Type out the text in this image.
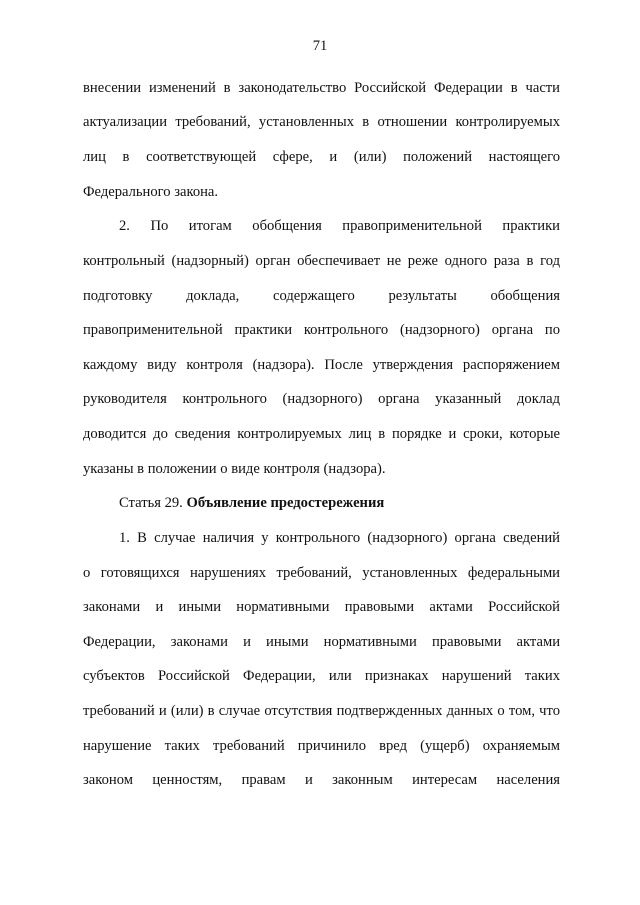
71
внесении изменений в законодательство Российской Федерации в части
актуализации требований, установленных в отношении контролируемых
лиц в соответствующей сфере, и (или) положений настоящего
Федерального закона.
2. По итогам обобщения правоприменительной практики
контрольный (надзорный) орган обеспечивает не реже одного раза в год
подготовку доклада, содержащего результаты обобщения
правоприменительной практики контрольного (надзорного) органа по
каждому виду контроля (надзора). После утверждения распоряжением
руководителя контрольного (надзорного) органа указанный доклад
доводится до сведения контролируемых лиц в порядке и сроки, которые
указаны в положении о виде контроля (надзора).
Статья 29. Объявление предостережения
1. В случае наличия у контрольного (надзорного) органа сведений
о готовящихся нарушениях требований, установленных федеральными
законами и иными нормативными правовыми актами Российской
Федерации, законами и иными нормативными правовыми актами
субъектов Российской Федерации, или признаках нарушений таких
требований и (или) в случае отсутствия подтвержденных данных о том, что
нарушение таких требований причинило вред (ущерб) охраняемым
законом ценностям, правам и законным интересам населения
